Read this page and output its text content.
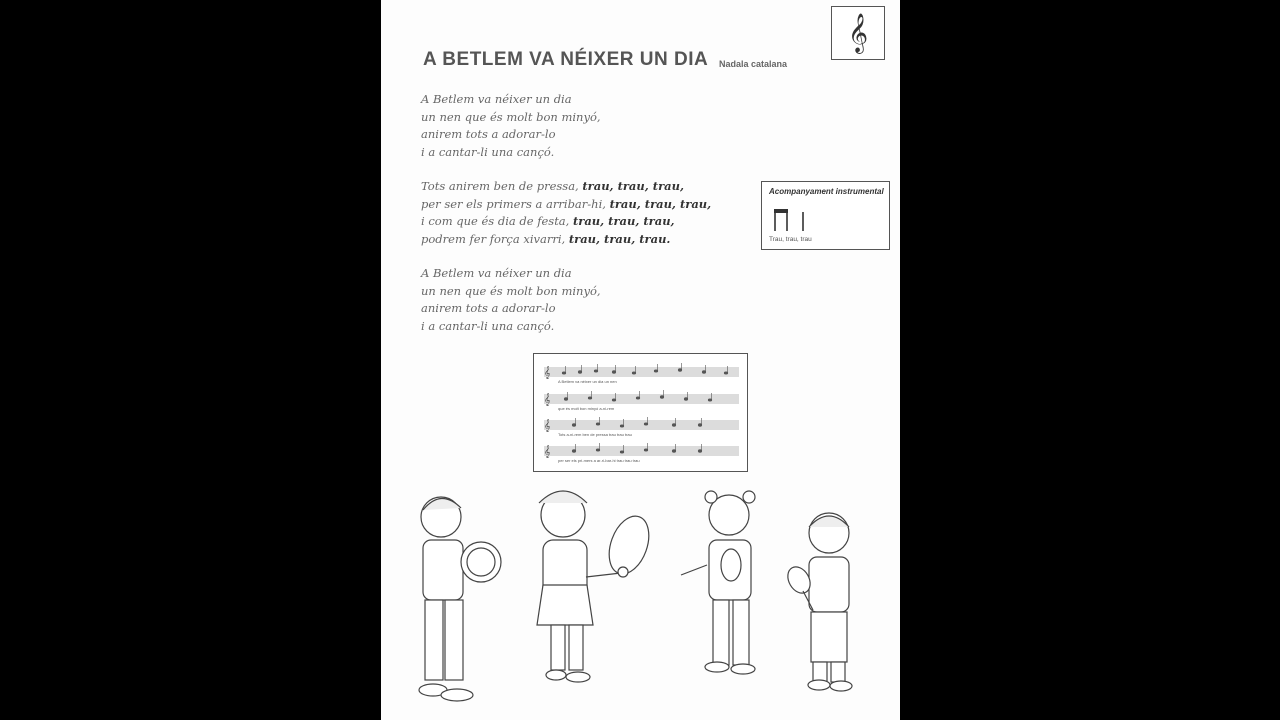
𝄞
A BETLEM VA NÉIXER UN DIA Nadala catalana
A Betlem va néixer un dia
un nen que és molt bon minyó,
anirem tots a adorar-lo
i a cantar-li una cançó.
Tots anirem ben de pressa, trau, trau, trau,
per ser els primers a arribar-hi, trau, trau, trau,
i com que és dia de festa, trau, trau, trau,
podrem fer força xivarri, trau, trau, trau.
A Betlem va néixer un dia
un nen que és molt bon minyó,
anirem tots a adorar-lo
i a cantar-li una cançó.
Acompanyament instrumental
Trau, trau, trau
𝄞
𝄞
𝄞
𝄞
A Betlem va néixer un dia un nen
que és molt bon minyó a-ni-rem
Tots a-ni-rem ben de pressa trau trau trau
per ser els pri-mers a ar-ri-bar-hi trau trau trau
